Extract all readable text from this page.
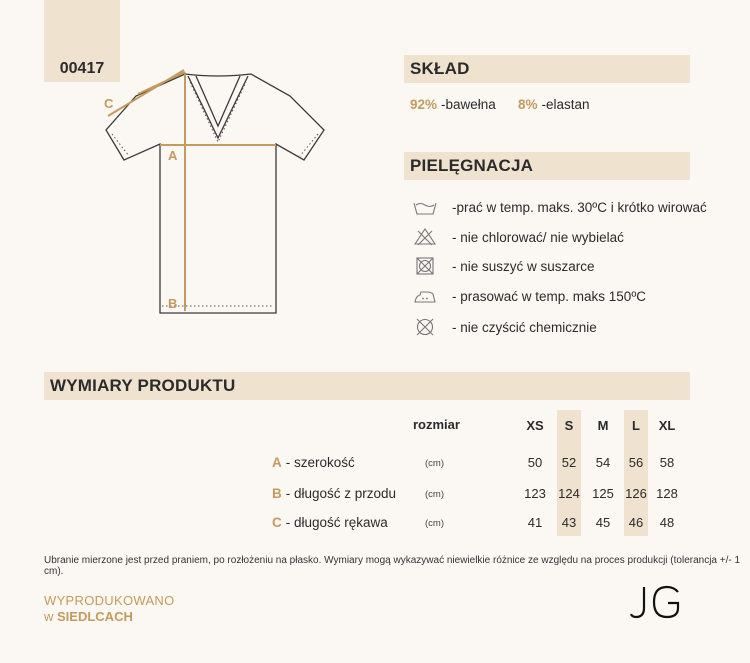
00417
C
A
B
SKŁAD
92% -bawełna 8% -elastan
PIELĘGNACJA
-prać w temp. maks. 30ºC i krótko wirować
- nie chlorować/ nie wybielać
- nie suszyć w suszarce
- prasować w temp. maks 150ºC
- nie czyścić chemicznie
WYMIARY PRODUKTU
rozmiar	XS	S	M	L	XL
A - szerokość	(cm)	50	52	54	56	58
B - długość z przodu	(cm)	123 124 125 126 128
C - długość rękawa	(cm)	41	43	45	46	48
Ubranie mierzone jest przed praniem, po rozłożeniu na płasko. Wymiary mogą wykazywać niewielkie różnice ze względu na proces produkcji (tolerancja +/- 1 cm).
WYPRODUKOWANO
w SIEDLCACH
